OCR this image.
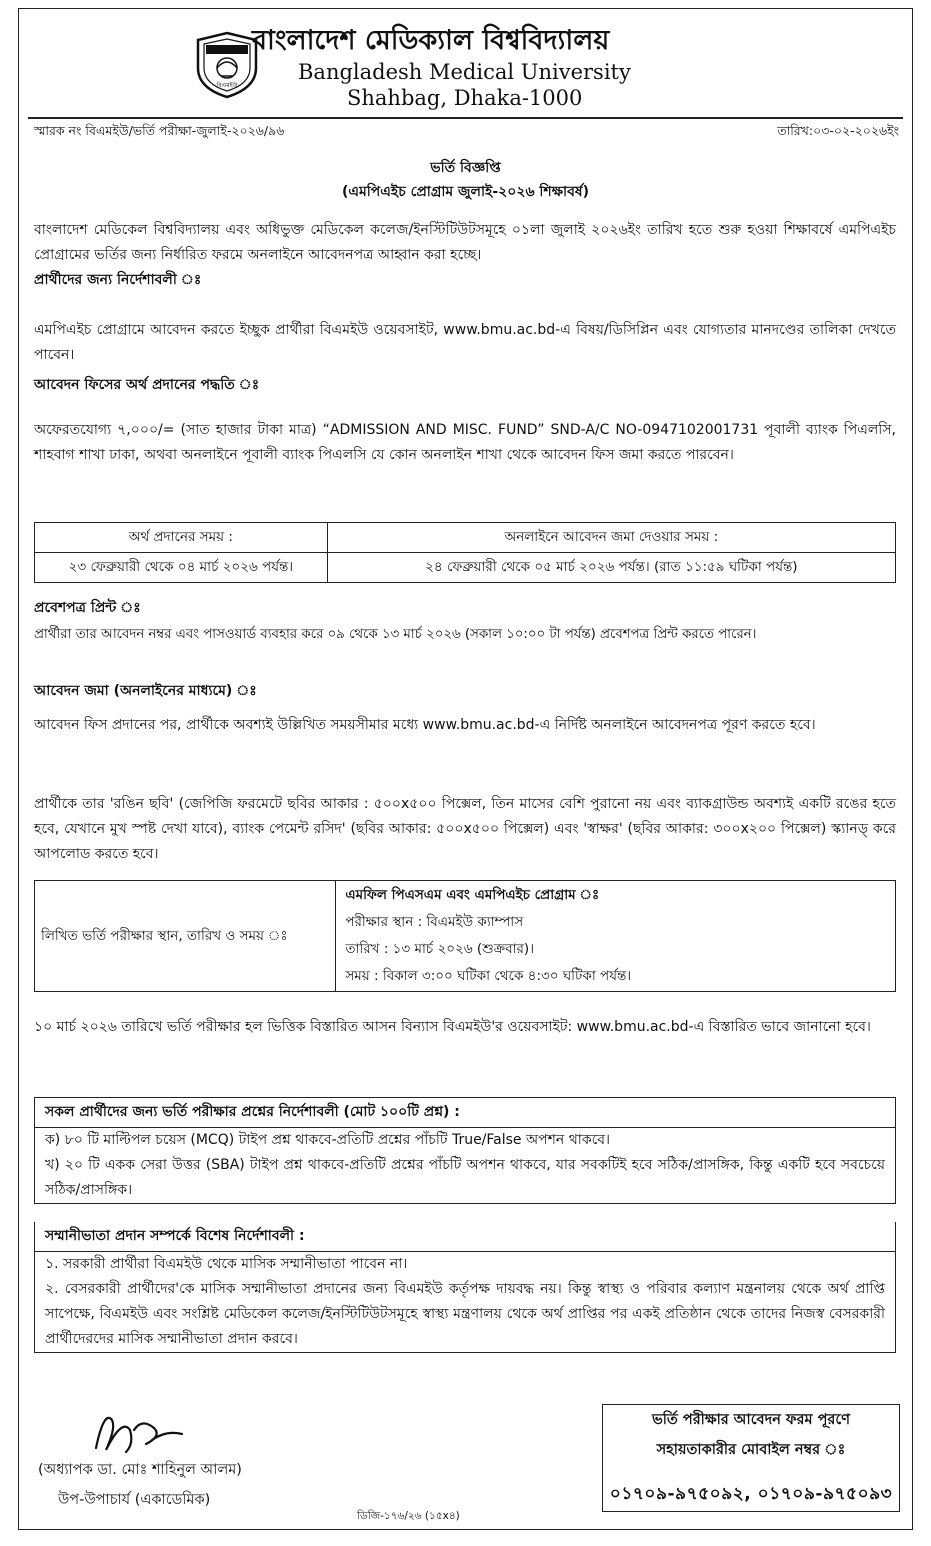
বিএমইউ
বাংলাদেশ মেডিক্যাল বিশ্ববিদ্যালয়
Bangladesh Medical University
Shahbag, Dhaka-1000
স্মারক নং বিএমইউ/ভর্তি পরীক্ষা-জুলাই-২০২৬/৯৬	তারিখ:০৩-০২-২০২৬ইং
ভর্তি বিজ্ঞপ্তি
(এমপিএইচ প্রোগ্রাম জুলাই-২০২৬ শিক্ষাবর্ষ)
বাংলাদেশ মেডিকেল বিশ্ববিদ্যালয় এবং অধিভুক্ত মেডিকেল কলেজ/ইনস্টিটিউটসমূহে ০১লা জুলাই ২০২৬ইং তারিখ হতে শুরু হওয়া শিক্ষাবর্ষে এমপিএইচ প্রোগ্রামের ভর্তির জন্য নির্ধারিত ফরমে অনলাইনে আবেদনপত্র আহ্বান করা হচ্ছে।
প্রার্থীদের জন্য নির্দেশাবলী ঃ
এমপিএইচ প্রোগ্রামে আবেদন করতে ইচ্ছুক প্রার্থীরা বিএমইউ ওয়েবসাইট, www.bmu.ac.bd-এ বিষয়/ডিসিপ্লিন এবং যোগ্যতার মানদণ্ডের তালিকা দেখতে পাবেন।
আবেদন ফিসের অর্থ প্রদানের পদ্ধতি ঃ
অফেরতযোগ্য ৭,০০০/= (সাত হাজার টাকা মাত্র) “ADMISSION AND MISC. FUND” SND-A/C NO-0947102001731 পূবালী ব্যাংক পিএলসি, শাহবাগ শাখা ঢাকা, অথবা অনলাইনে পূবালী ব্যাংক পিএলসি যে কোন অনলাইন শাখা থেকে আবেদন ফিস জমা করতে পারবেন।
অর্থ প্রদানের সময় :	অনলাইনে আবেদন জমা দেওয়ার সময় :
২৩ ফেব্রুয়ারী থেকে ০৪ মার্চ ২০২৬ পর্যন্ত।	২৪ ফেব্রুয়ারী থেকে ০৫ মার্চ ২০২৬ পর্যন্ত। (রাত ১১:৫৯ ঘটিকা পর্যন্ত)
প্রবেশপত্র প্রিন্ট ঃ
প্রার্থীরা তার আবেদন নম্বর এবং পাসওয়ার্ড ব্যবহার করে ০৯ থেকে ১৩ মার্চ ২০২৬ (সকাল ১০:০০ টা পর্যন্ত) প্রবেশপত্র প্রিন্ট করতে পারেন।
আবেদন জমা (অনলাইনের মাধ্যমে) ঃ
আবেদন ফিস প্রদানের পর, প্রার্থীকে অবশ্যই উল্লিখিত সময়সীমার মধ্যে www.bmu.ac.bd-এ নির্দিষ্ট অনলাইনে আবেদনপত্র পূরণ করতে হবে।
প্রার্থীকে তার 'রঙিন ছবি' (জেপিজি ফরমেটে ছবির আকার : ৫০০x৫০০ পিক্সেল, তিন মাসের বেশি পুরানো নয় এবং ব্যাকগ্রাউন্ড অবশ্যই একটি রঙের হতে হবে, যেখানে মুখ স্পষ্ট দেখা যাবে), ব্যাংক পেমেন্ট রসিদ' (ছবির আকার: ৫০০x৫০০ পিক্সেল) এবং 'স্বাক্ষর' (ছবির আকার: ৩০০x২০০ পিক্সেল) স্ক্যানড্ করে আপলোড করতে হবে।
লিখিত ভর্তি পরীক্ষার স্থান, তারিখ ও সময় ঃ	
এমফিল পিএসএম এবং এমপিএইচ প্রোগ্রাম ঃ
পরীক্ষার স্থান : বিএমইউ ক্যাম্পাস
তারিখ : ১৩ মার্চ ২০২৬ (শুক্রবার)।
সময় : বিকাল ৩:০০ ঘটিকা থেকে ৪:৩০ ঘটিকা পর্যন্ত।
১০ মার্চ ২০২৬ তারিখে ভর্তি পরীক্ষার হল ভিত্তিক বিস্তারিত আসন বিন্যাস বিএমইউ'র ওয়েবসাইট: www.bmu.ac.bd-এ বিস্তারিত ভাবে জানানো হবে।
সকল প্রার্থীদের জন্য ভর্তি পরীক্ষার প্রশ্নের নির্দেশাবলী (মোট ১০০টি প্রশ্ন) :
ক) ৮০ টি মাল্টিপল চয়েস (MCQ) টাইপ প্রশ্ন থাকবে-প্রতিটি প্রশ্নের পাঁচটি True/False অপশন থাকবে।
খ) ২০ টি একক সেরা উত্তর (SBA) টাইপ প্রশ্ন থাকবে-প্রতিটি প্রশ্নের পাঁচটি অপশন থাকবে, যার সবকটিই হবে সঠিক/প্রাসঙ্গিক, কিন্তু একটি হবে সবচেয়ে সঠিক/প্রাসঙ্গিক।
সম্মানীভাতা প্রদান সম্পর্কে বিশেষ নির্দেশাবলী :
১. সরকারী প্রার্থীরা বিএমইউ থেকে মাসিক সম্মানীভাতা পাবেন না।
২. বেসরকারী প্রার্থীদের'কে মাসিক সম্মানীভাতা প্রদানের জন্য বিএমইউ কর্তৃপক্ষ দায়বদ্ধ নয়। কিন্তু স্বাস্থ্য ও পরিবার কল্যাণ মন্ত্রনালয় থেকে অর্থ প্রাপ্তি সাপেক্ষে, বিএমইউ এবং সংশ্লিষ্ট মেডিকেল কলেজ/ইনস্টিটিউটসমূহে স্বাস্থ্য মন্ত্রণালয় থেকে অর্থ প্রাপ্তির পর একই প্রতিষ্ঠান থেকে তাদের নিজস্ব বেসরকারী প্রার্থীদেরদের মাসিক সম্মানীভাতা প্রদান করবে।
(অধ্যাপক ডা. মোঃ শাহিনুল আলম)
উপ-উপাচার্য (একাডেমিক)
ভর্তি পরীক্ষার আবেদন ফরম পূরণে
সহায়তাকারীর মোবাইল নম্বর ঃ
০১৭০৯-৯৭৫০৯২, ০১৭০৯-৯৭৫০৯৩
ডিজি-১৭৬/২৬ (১৫x৪)
